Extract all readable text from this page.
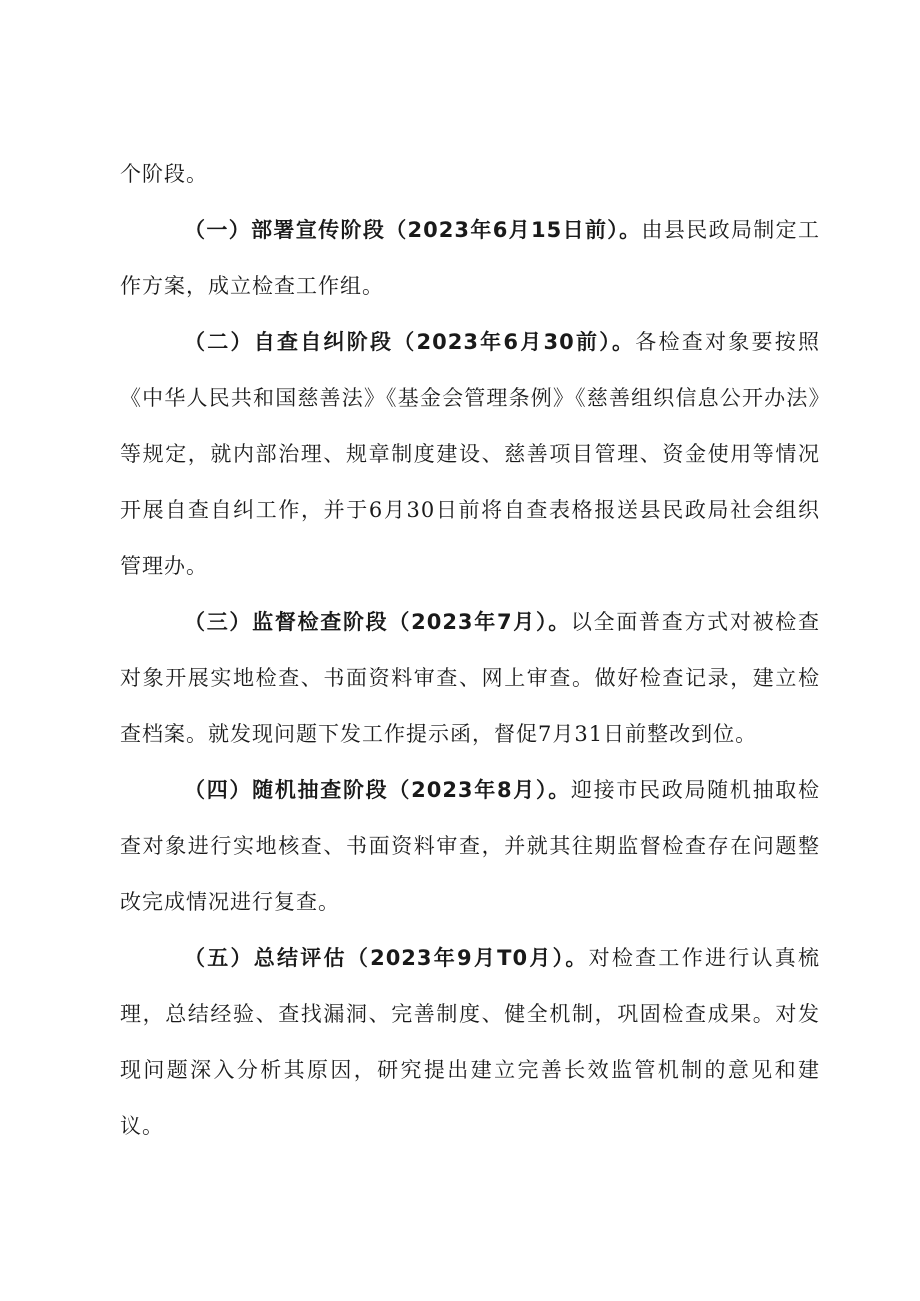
个阶段。

（一）部署宣传阶段（2023年6月15日前）。由县民政局制定工作方案，成立检查工作组。

（二）自查自纠阶段（2023年6月30前）。各检查对象要按照《中华人民共和国慈善法》《基金会管理条例》《慈善组织信息公开办法》等规定，就内部治理、规章制度建设、慈善项目管理、资金使用等情况开展自查自纠工作，并于6月30日前将自查表格报送县民政局社会组织管理办。

（三）监督检查阶段（2023年7月）。以全面普查方式对被检查对象开展实地检查、书面资料审查、网上审查。做好检查记录，建立检查档案。就发现问题下发工作提示函，督促7月31日前整改到位。

（四）随机抽查阶段（2023年8月）。迎接市民政局随机抽取检查对象进行实地核查、书面资料审查，并就其往期监督检查存在问题整改完成情况进行复查。

（五）总结评估（2023年9月T0月）。对检查工作进行认真梳理，总结经验、查找漏洞、完善制度、健全机制，巩固检查成果。对发现问题深入分析其原因，研究提出建立完善长效监管机制的意见和建议。
